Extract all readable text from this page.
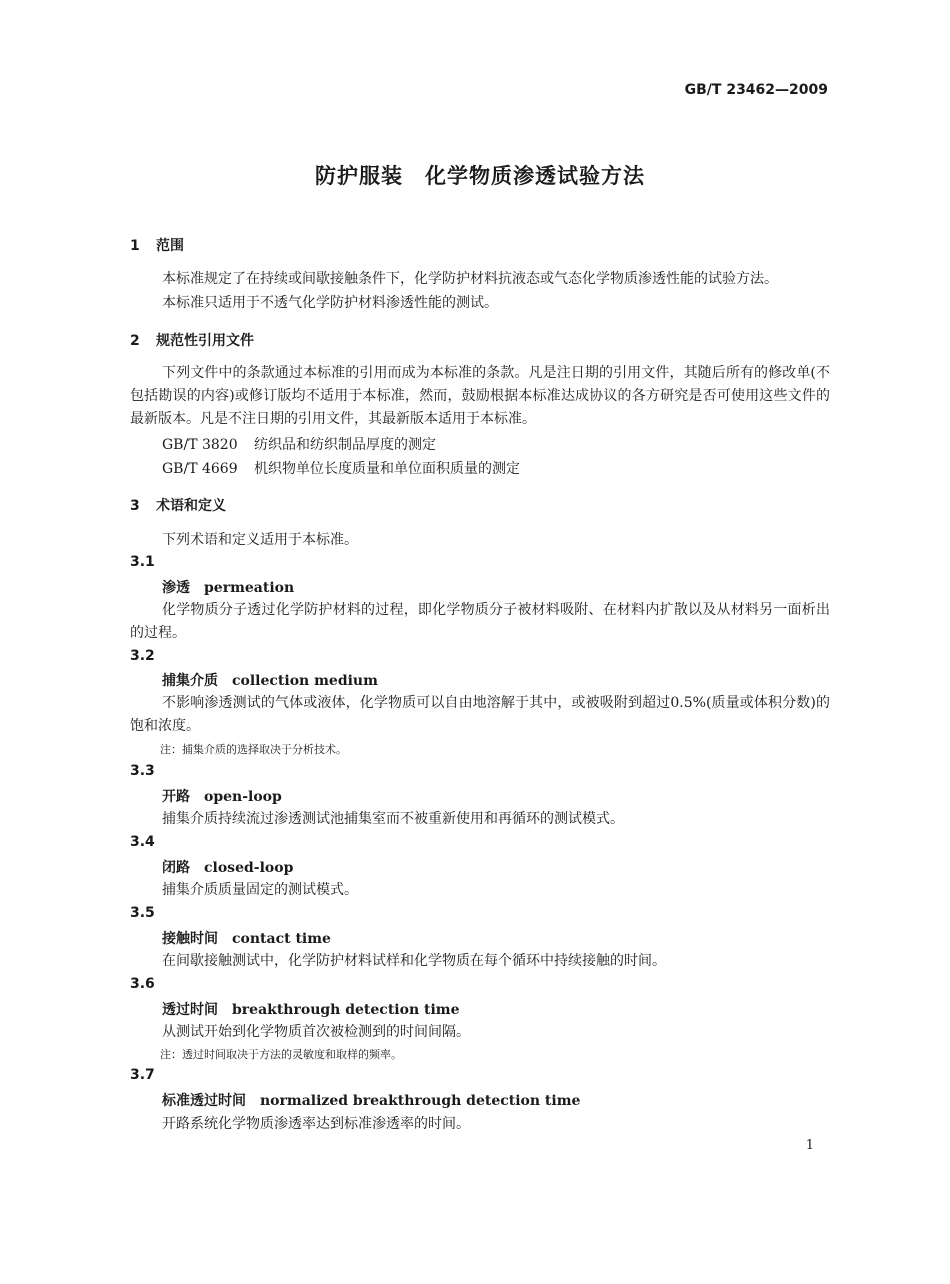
GB/T 23462—2009
防护服装　化学物质渗透试验方法
1 范围
本标准规定了在持续或间歇接触条件下，化学防护材料抗液态或气态化学物质渗透性能的试验方法。
本标准只适用于不透气化学防护材料渗透性能的测试。
2 规范性引用文件
下列文件中的条款通过本标准的引用而成为本标准的条款。凡是注日期的引用文件，其随后所有的修改单(不包括勘误的内容)或修订版均不适用于本标准，然而，鼓励根据本标准达成协议的各方研究是否可使用这些文件的最新版本。凡是不注日期的引用文件，其最新版本适用于本标准。
GB/T 3820 纺织品和纺织制品厚度的测定
GB/T 4669 机织物单位长度质量和单位面积质量的测定
3 术语和定义
下列术语和定义适用于本标准。
3.1
渗透 permeation
化学物质分子透过化学防护材料的过程，即化学物质分子被材料吸附、在材料内扩散以及从材料另一面析出的过程。
3.2
捕集介质 collection medium
不影响渗透测试的气体或液体，化学物质可以自由地溶解于其中，或被吸附到超过0.5%(质量或体积分数)的饱和浓度。
注：捕集介质的选择取决于分析技术。
3.3
开路 open-loop
捕集介质持续流过渗透测试池捕集室而不被重新使用和再循环的测试模式。
3.4
闭路 closed-loop
捕集介质质量固定的测试模式。
3.5
接触时间 contact time
在间歇接触测试中，化学防护材料试样和化学物质在每个循环中持续接触的时间。
3.6
透过时间 breakthrough detection time
从测试开始到化学物质首次被检测到的时间间隔。
注：透过时间取决于方法的灵敏度和取样的频率。
3.7
标准透过时间 normalized breakthrough detection time
开路系统化学物质渗透率达到标准渗透率的时间。
1
